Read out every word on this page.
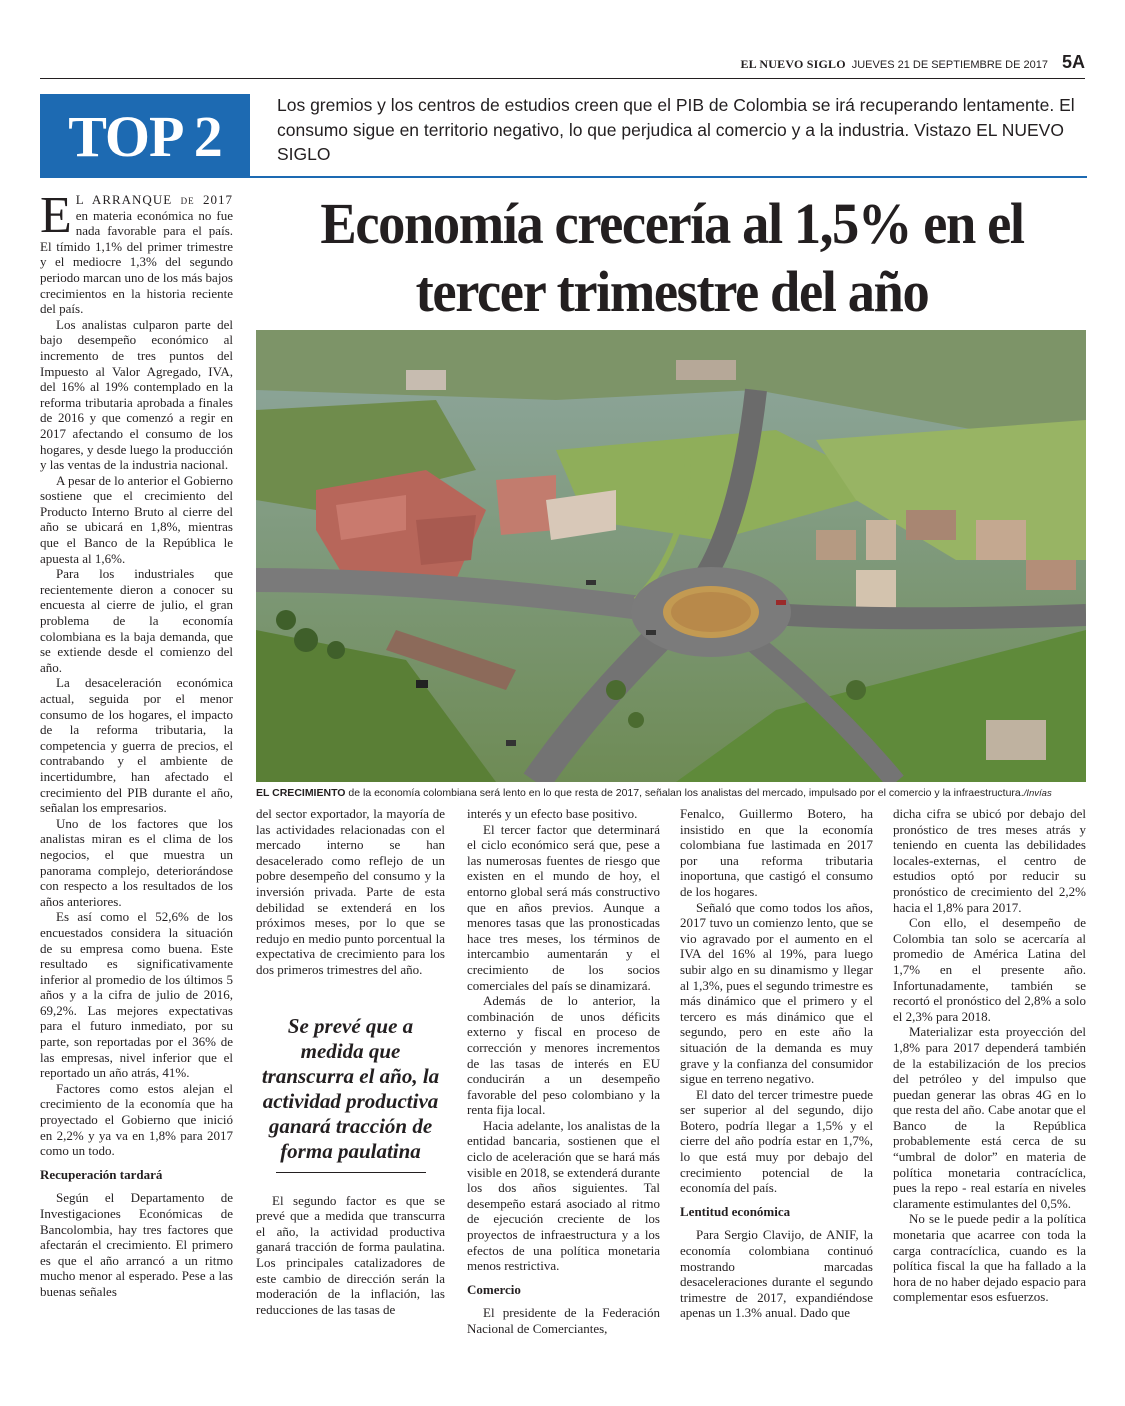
EL NUEVO SIGLO JUEVES 21 DE SEPTIEMBRE DE 2017 5A
TOP 2	Los gremios y los centros de estudios creen que el PIB de Colombia se irá recuperando lentamente. El consumo sigue en territorio negativo, lo que perjudica al comercio y a la industria. Vistazo EL NUEVO SIGLO
Economía crecería al 1,5% en el tercer trimestre del año
EL CRECIMIENTO de la economía colombiana será lento en lo que resta de 2017, señalan los analistas del mercado, impulsado por el comercio y la infraestructura./Invías

E L ARRANQUE de 2017 en materia económica no fue nada favorable para el país. El tímido 1,1% del primer trimestre y el mediocre 1,3% del segundo periodo marcan uno de los más bajos crecimientos en la historia reciente del país.

Los analistas culparon parte del bajo desempeño económico al incremento de tres puntos del Impuesto al Valor Agregado, IVA, del 16% al 19% contemplado en la reforma tributaria aprobada a finales de 2016 y que comenzó a regir en 2017 afectando el consumo de los hogares, y desde luego la producción y las ventas de la industria nacional.

A pesar de lo anterior el Gobierno sostiene que el crecimiento del Producto Interno Bruto al cierre del año se ubicará en 1,8%, mientras que el Banco de la República le apuesta al 1,6%.

Para los industriales que recientemente dieron a conocer su encuesta al cierre de julio, el gran problema de la economía colombiana es la baja demanda, que se extiende desde el comienzo del año.

La desaceleración económica actual, seguida por el menor consumo de los hogares, el impacto de la reforma tributaria, la competencia y guerra de precios, el contrabando y el ambiente de incertidumbre, han afectado el crecimiento del PIB durante el año, señalan los empresarios.

Uno de los factores que los analistas miran es el clima de los negocios, el que muestra un panorama complejo, deteriorándose con respecto a los resultados de los años anteriores.

Es así como el 52,6% de los encuestados considera la situación de su empresa como buena. Este resultado es significativamente inferior al promedio de los últimos 5 años y a la cifra de julio de 2016, 69,2%. Las mejores expectativas para el futuro inmediato, por su parte, son reportadas por el 36% de las empresas, nivel inferior que el reportado un año atrás, 41%.

Factores como estos alejan el crecimiento de la economía que ha proyectado el Gobierno que inició en 2,2% y ya va en 1,8% para 2017 como un todo.

Recuperación tardará

Según el Departamento de Investigaciones Económicas de Bancolombia, hay tres factores que afectarán el crecimiento. El primero es que el año arrancó a un ritmo mucho menor al esperado. Pese a las buenas señales

del sector exportador, la mayoría de las actividades relacionadas con el mercado interno se han desacelerado como reflejo de un pobre desempeño del consumo y la inversión privada. Parte de esta debilidad se extenderá en los próximos meses, por lo que se redujo en medio punto porcentual la expectativa de crecimiento para los dos primeros trimestres del año.

El segundo factor es que se prevé que a medida que transcurra el año, la actividad productiva ganará tracción de forma paulatina. Los principales catalizadores de este cambio de dirección serán la moderación de la inflación, las reducciones de las tasas de

Se prevé que a medida que transcurra el año, la actividad productiva ganará tracción de forma paulatina

interés y un efecto base positivo.

El tercer factor que determinará el ciclo económico será que, pese a las numerosas fuentes de riesgo que existen en el mundo de hoy, el entorno global será más constructivo que en años previos. Aunque a menores tasas que las pronosticadas hace tres meses, los términos de intercambio aumentarán y el crecimiento de los socios comerciales del país se dinamizará.

Además de lo anterior, la combinación de unos déficits externo y fiscal en proceso de corrección y menores incrementos de las tasas de interés en EU conducirán a un desempeño favorable del peso colombiano y la renta fija local.

Hacia adelante, los analistas de la entidad bancaria, sostienen que el ciclo de aceleración que se hará más visible en 2018, se extenderá durante los dos años siguientes. Tal desempeño estará asociado al ritmo de ejecución creciente de los proyectos de infraestructura y a los efectos de una política monetaria menos restrictiva.

Comercio

El presidente de la Federación Nacional de Comerciantes,

Fenalco, Guillermo Botero, ha insistido en que la economía colombiana fue lastimada en 2017 por una reforma tributaria inoportuna, que castigó el consumo de los hogares.

Señaló que como todos los años, 2017 tuvo un comienzo lento, que se vio agravado por el aumento en el IVA del 16% al 19%, para luego subir algo en su dinamismo y llegar al 1,3%, pues el segundo trimestre es más dinámico que el primero y el tercero es más dinámico que el segundo, pero en este año la situación de la demanda es muy grave y la confianza del consumidor sigue en terreno negativo.

El dato del tercer trimestre puede ser superior al del segundo, dijo Botero, podría llegar a 1,5% y el cierre del año podría estar en 1,7%, lo que está muy por debajo del crecimiento potencial de la economía del país.

Lentitud económica

Para Sergio Clavijo, de ANIF, la economía colombiana continuó mostrando marcadas desaceleraciones durante el segundo trimestre de 2017, expandiéndose apenas un 1.3% anual. Dado que

dicha cifra se ubicó por debajo del pronóstico de tres meses atrás y teniendo en cuenta las debilidades locales-externas, el centro de estudios optó por reducir su pronóstico de crecimiento del 2,2% hacia el 1,8% para 2017.

Con ello, el desempeño de Colombia tan solo se acercaría al promedio de América Latina del 1,7% en el presente año. Infortunadamente, también se recortó el pronóstico del 2,8% a solo el 2,3% para 2018.

Materializar esta proyección del 1,8% para 2017 dependerá también de la estabilización de los precios del petróleo y del impulso que puedan generar las obras 4G en lo que resta del año. Cabe anotar que el Banco de la República probablemente está cerca de su “umbral de dolor” en materia de política monetaria contracíclica, pues la repo - real estaría en niveles claramente estimulantes del 0,5%.

No se le puede pedir a la política monetaria que acarree con toda la carga contracíclica, cuando es la política fiscal la que ha fallado a la hora de no haber dejado espacio para complementar esos esfuerzos.
